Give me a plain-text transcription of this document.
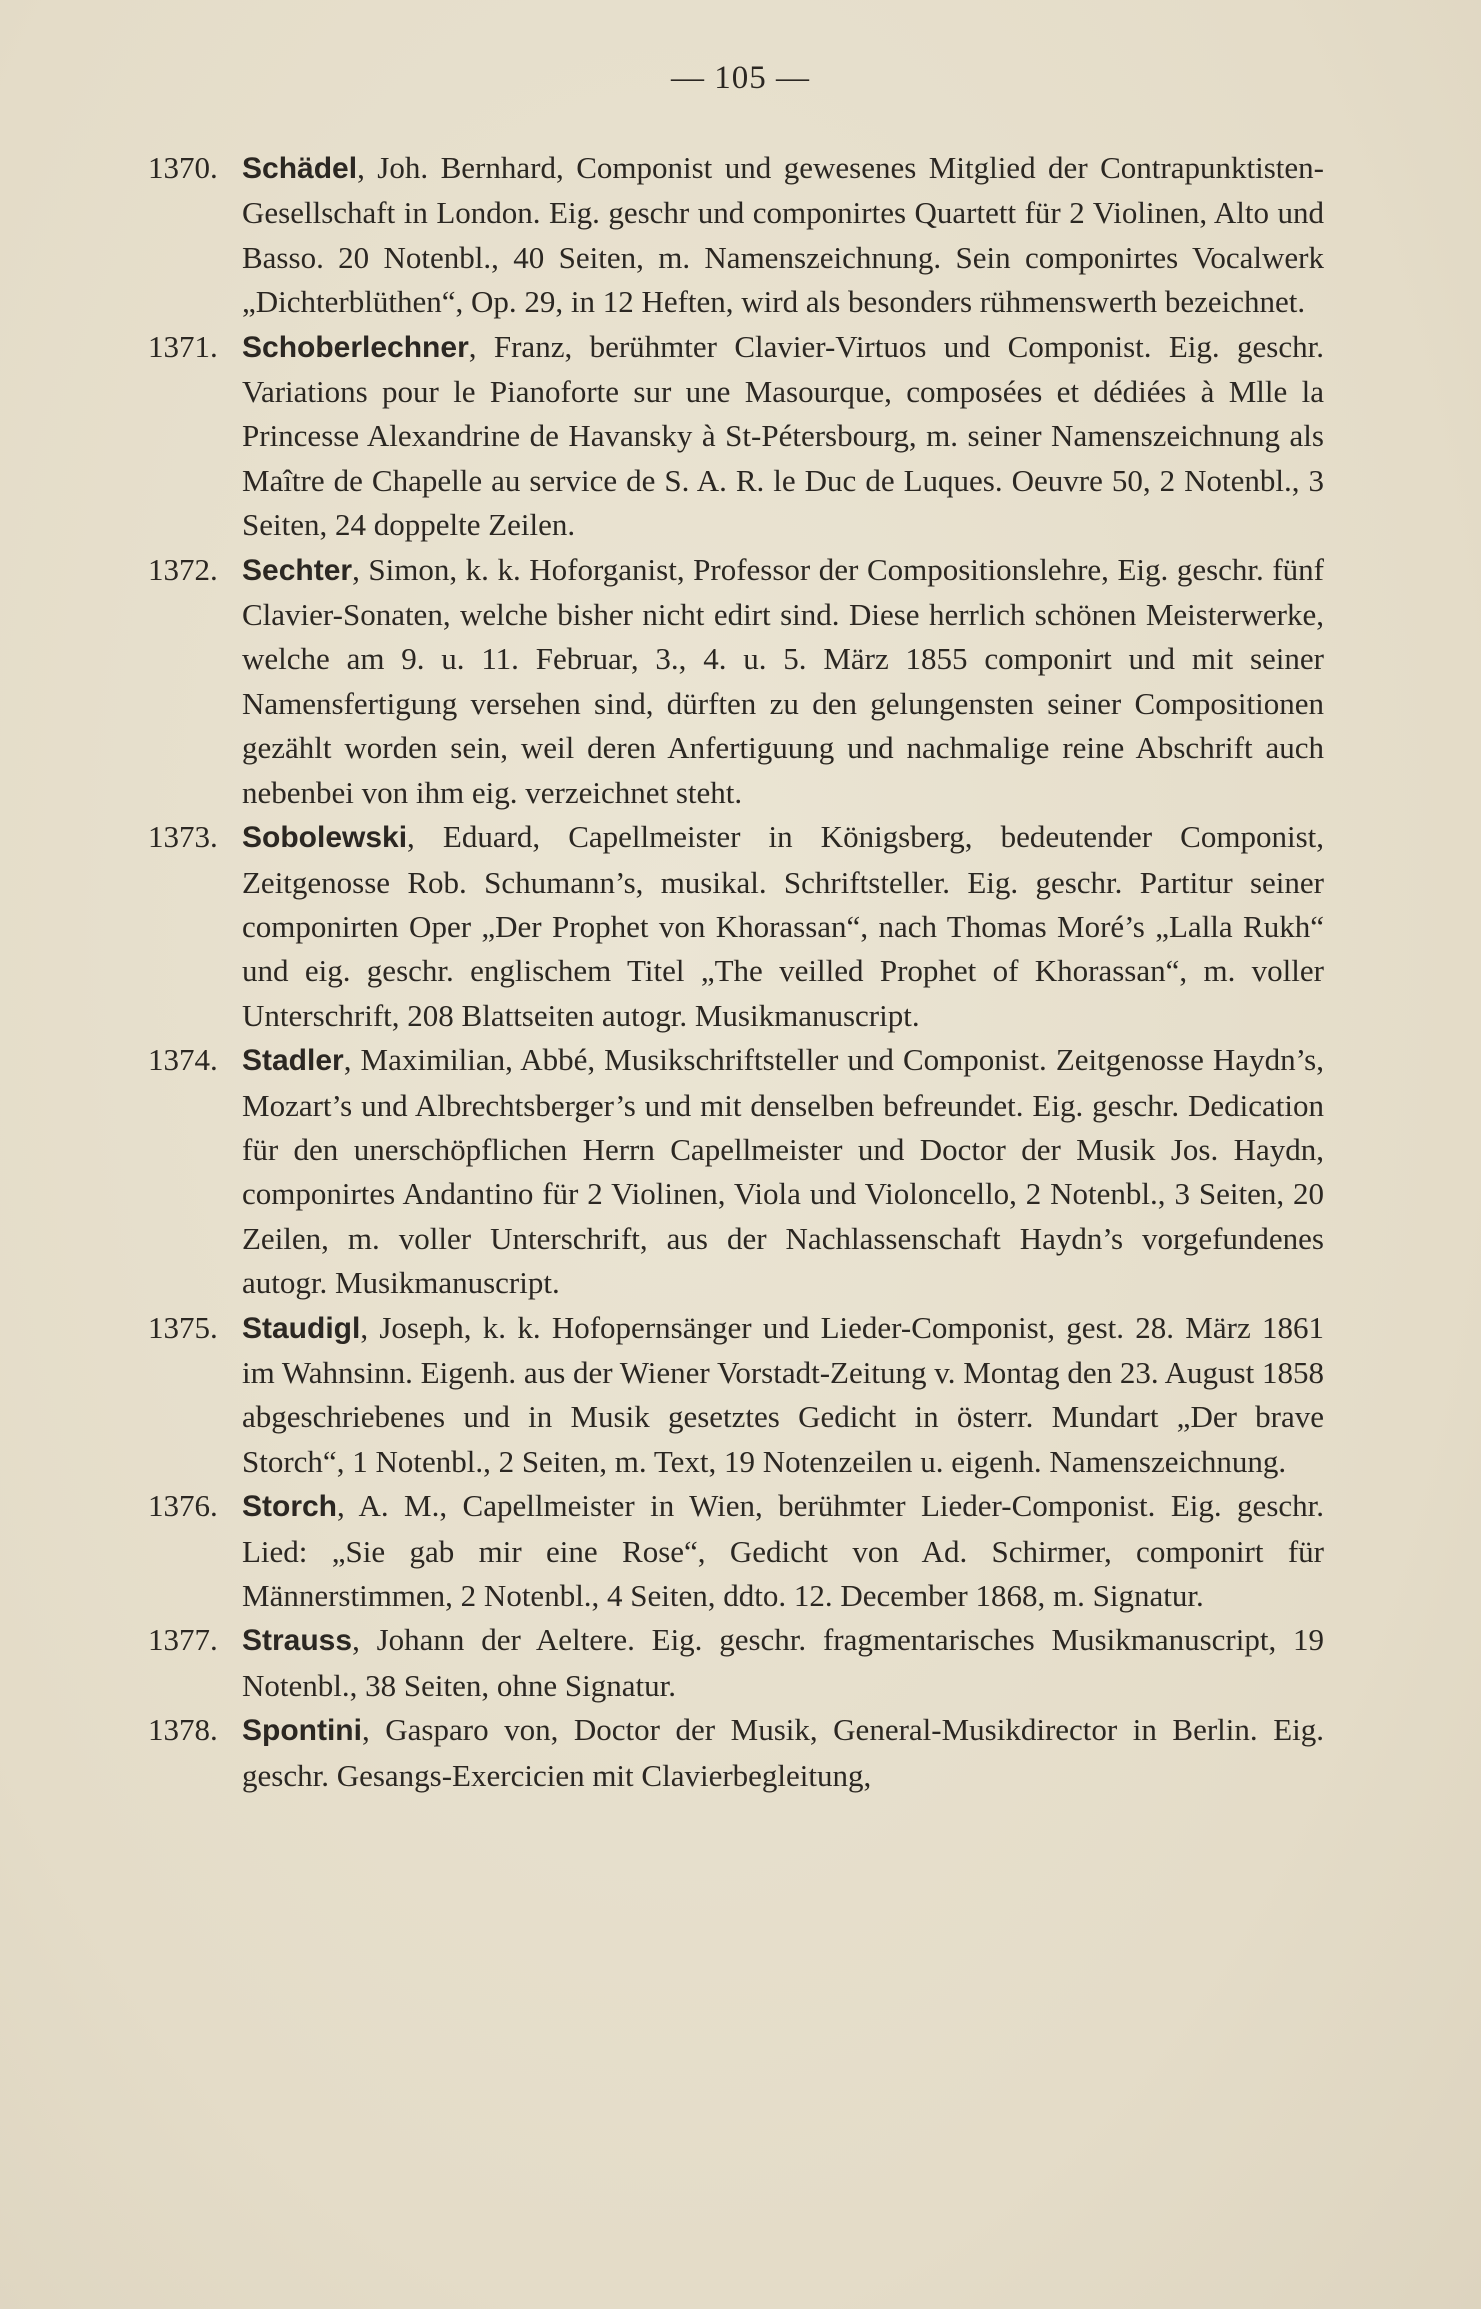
— 105 —
1370. Schädel, Joh. Bernhard, Componist und gewesenes Mitglied der Contrapunktisten-Gesellschaft in London. Eig. geschr und componirtes Quartett für 2 Violinen, Alto und Basso. 20 Notenbl., 40 Seiten, m. Namenszeichnung. Sein componirtes Vocalwerk „Dichterblüthen“, Op. 29, in 12 Heften, wird als besonders rühmenswerth bezeichnet.
1371. Schoberlechner, Franz, berühmter Clavier-Virtuos und Componist. Eig. geschr. Variations pour le Pianoforte sur une Masourque, composées et dédiées à Mlle la Princesse Alexandrine de Havansky à St-Pétersbourg, m. seiner Namenszeichnung als Maître de Chapelle au service de S. A. R. le Duc de Luques. Oeuvre 50, 2 Notenbl., 3 Seiten, 24 doppelte Zeilen.
1372. Sechter, Simon, k. k. Hoforganist, Professor der Compositionslehre, Eig. geschr. fünf Clavier-Sonaten, welche bisher nicht edirt sind. Diese herrlich schönen Meisterwerke, welche am 9. u. 11. Februar, 3., 4. u. 5. März 1855 componirt und mit seiner Namensfertigung versehen sind, dürften zu den gelungensten seiner Compositionen gezählt worden sein, weil deren Anfertiguung und nachmalige reine Abschrift auch nebenbei von ihm eig. verzeichnet steht.
1373. Sobolewski, Eduard, Capellmeister in Königsberg, bedeutender Componist, Zeitgenosse Rob. Schumann’s, musikal. Schriftsteller. Eig. geschr. Partitur seiner componirten Oper „Der Prophet von Khorassan“, nach Thomas Moré’s „Lalla Rukh“ und eig. geschr. englischem Titel „The veilled Prophet of Khorassan“, m. voller Unterschrift, 208 Blattseiten autogr. Musikmanuscript.
1374. Stadler, Maximilian, Abbé, Musikschriftsteller und Componist. Zeitgenosse Haydn’s, Mozart’s und Albrechtsberger’s und mit denselben befreundet. Eig. geschr. Dedication für den unerschöpflichen Herrn Capellmeister und Doctor der Musik Jos. Haydn, componirtes Andantino für 2 Violinen, Viola und Violoncello, 2 Notenbl., 3 Seiten, 20 Zeilen, m. voller Unterschrift, aus der Nachlassenschaft Haydn’s vorgefundenes autogr. Musikmanuscript.
1375. Staudigl, Joseph, k. k. Hofopernsänger und Lieder-Componist, gest. 28. März 1861 im Wahnsinn. Eigenh. aus der Wiener Vorstadt-Zeitung v. Montag den 23. August 1858 abgeschriebenes und in Musik gesetztes Gedicht in österr. Mundart „Der brave Storch“, 1 Notenbl., 2 Seiten, m. Text, 19 Notenzeilen u. eigenh. Namenszeichnung.
1376. Storch, A. M., Capellmeister in Wien, berühmter Lieder-Componist. Eig. geschr. Lied: „Sie gab mir eine Rose“, Gedicht von Ad. Schirmer, componirt für Männerstimmen, 2 Notenbl., 4 Seiten, ddto. 12. December 1868, m. Signatur.
1377. Strauss, Johann der Aeltere. Eig. geschr. fragmentarisches Musikmanuscript, 19 Notenbl., 38 Seiten, ohne Signatur.
1378. Spontini, Gasparo von, Doctor der Musik, General-Musikdirector in Berlin. Eig. geschr. Gesangs-Exercicien mit Clavierbegleitung,
